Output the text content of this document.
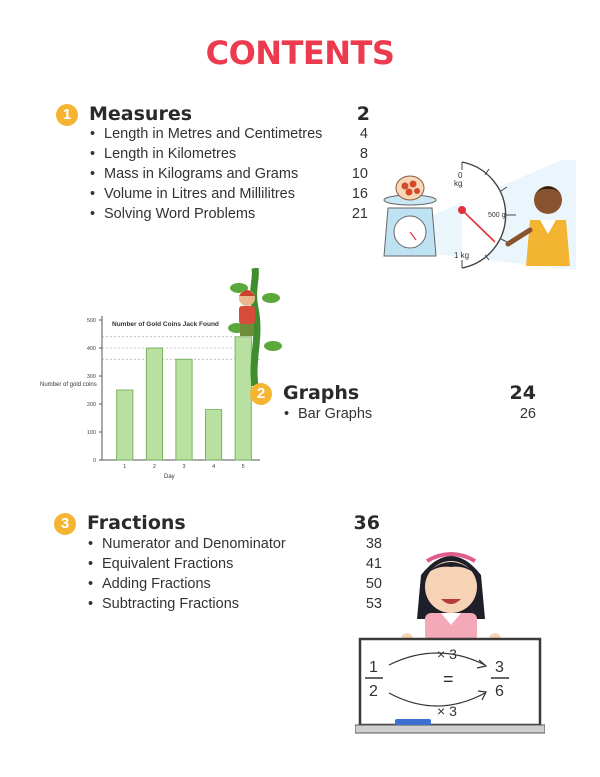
CONTENTS
1 Measures	2
• Length in Metres and Centimetres	4
• Length in Kilometres	8
• Mass in Kilograms and Grams	10
• Volume in Litres and Millilitres	16
• Solving Word Problems	21
0
kg
500 g
1 kg
Number of Gold Coins Jack Found
Number of gold coins
0
100
200
300
400
500
1	2	3	4	5
Day
2 Graphs	24
• Bar Graphs	26
3 Fractions	36
• Numerator and Denominator	38
• Equivalent Fractions	41
• Adding Fractions	50
• Subtracting Fractions	53
1
2
=
3
6
× 3
× 3
